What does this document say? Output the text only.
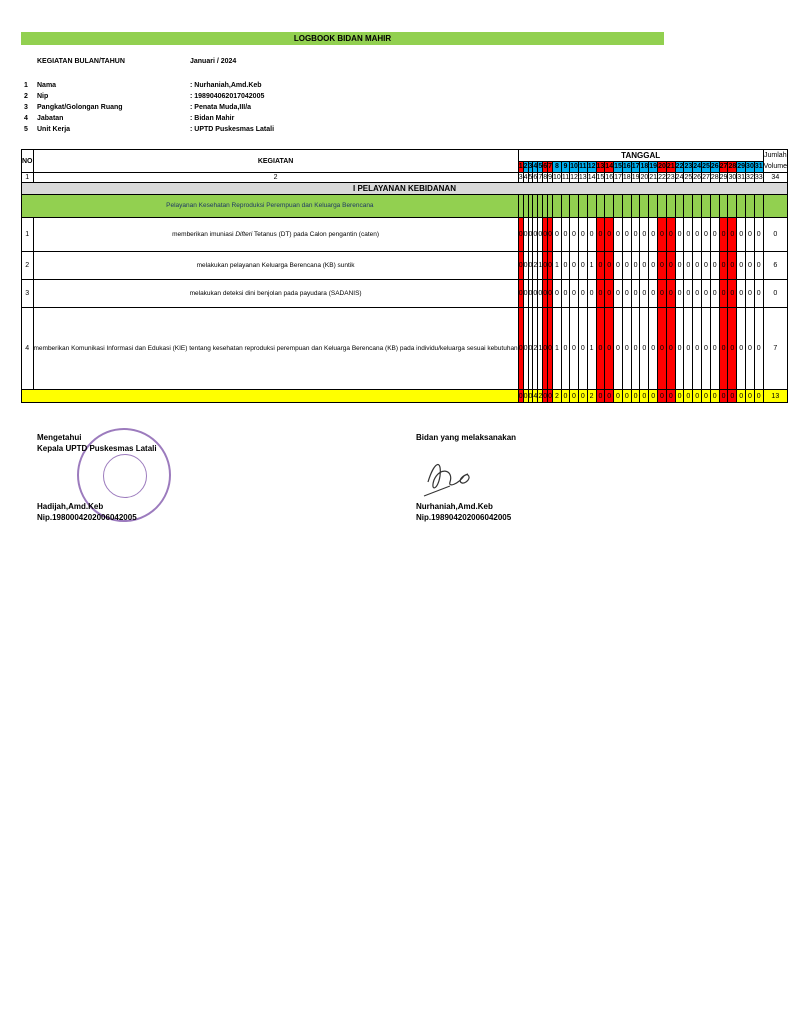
LOGBOOK BIDAN MAHIR
KEGIATAN BULAN/TAHUN	Januari / 2024
1	Nama	: Nurhaniah,Amd.Keb
2	Nip	: 198904062017042005
3	Pangkat/Golongan Ruang	: Penata Muda,III/a
4	Jabatan	: Bidan Mahir
5	Unit Kerja	: UPTD Puskesmas Latali
NO	KEGIATAN	TANGGAL																															Jumlah
Volume

		1	2	3	4	5	6	7	8	9	10	11	12	13	14	15	16	17	18	19	20	21	22	23	24	25	26	27	28	29	30	31	
1	2	3	4	5	6	7	8	9	10	11	12	13	14	15	16	17	18	19	20	21	22	23	24	25	26	27	28	29	30	31	32	33	34
I PELAYANAN KEBIDANAN																																	
Pelayanan Kesehatan Reproduksi Perempuan dan Keluarga Berencana																																	
1	memberikan imuniasi Difteri Tetanus (DT) pada Calon pengantin (caten)	0	0	0	0	0	0	0	0	0	0	0	0	0	0	0	0	0	0	0	0	0	0	0	0	0	0	0	0	0	0	0	0
2	melakukan pelayanan Keluarga Berencana (KB) suntik	0	0	0	2	1	0	0	1	0	0	0	1	0	0	0	0	0	0	0	0	0	0	0	0	0	0	0	0	0	0	0	6
3	melakukan deteksi dini benjolan pada payudara (SADANIS)	0	0	0	0	0	0	0	0	0	0	0	0	0	0	0	0	0	0	0	0	0	0	0	0	0	0	0	0	0	0	0	0
4	memberikan Komunikasi Informasi dan Edukasi (KIE) tentang kesehatan reproduksi perempuan dan Keluarga Berencana (KB) pada individu/keluarga sesuai kebutuhan	0	0	0	2	1	0	0	1	0	0	0	1	0	0	0	0	0	0	0	0	0	0	0	0	0	0	0	0	0	0	0	7
		0	0	0	4	2	0	0	2	0	0	0	2	0	0	0	0	0	0	0	0	0	0	0	0	0	0	0	0	0	0	0	13
Mengetahui
Kepala UPTD Puskesmas Latali
Hadijah,Amd.Keb
Nip.198000420200604200​5
Bidan yang melaksanakan
Nurhaniah,Amd.Keb
Nip.198904202006042005
